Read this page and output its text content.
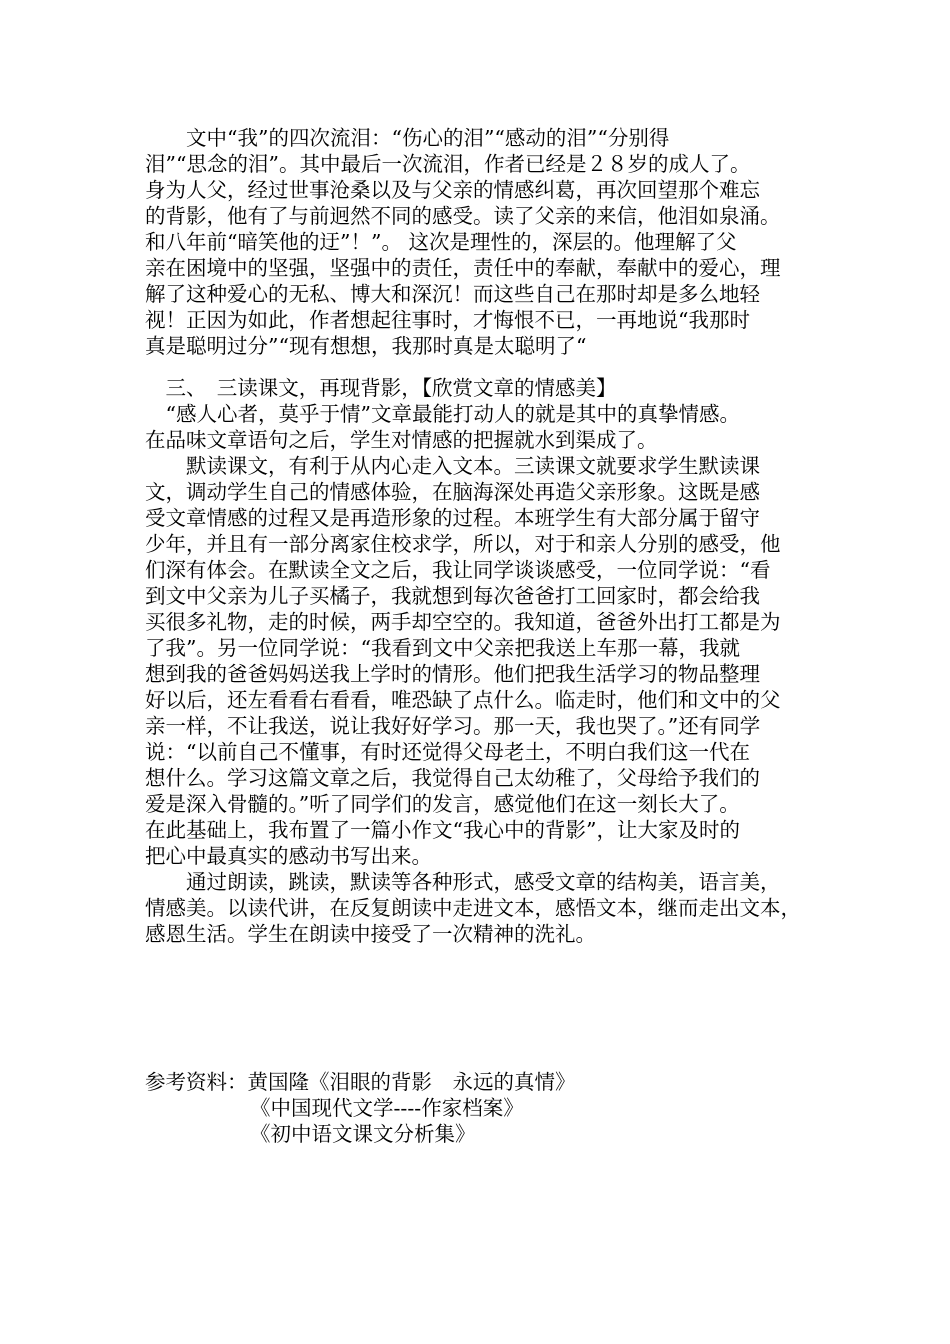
　　文中“我”的四次流泪：“伤心的泪”“感动的泪”“分别得

泪”“思念的泪”。其中最后一次流泪，作者已经是２８岁的成人了。

身为人父，经过世事沧桑以及与父亲的情感纠葛，再次回望那个难忘

的背影，他有了与前迥然不同的感受。读了父亲的来信，他泪如泉涌。

和八年前“暗笑他的迂”！”。 这次是理性的，深层的。他理解了父

亲在困境中的坚强，坚强中的责任，责任中的奉献，奉献中的爱心，理

解了这种爱心的无私、博大和深沉！而这些自己在那时却是多么地轻

视！正因为如此，作者想起往事时，才悔恨不已，一再地说“我那时

真是聪明过分”“现有想想，我那时真是太聪明了“

　三、　三读课文，再现背影，【欣赏文章的情感美】

　“感人心者，莫乎于情”文章最能打动人的就是其中的真挚情感。

在品味文章语句之后，学生对情感的把握就水到渠成了。

　　默读课文，有利于从内心走入文本。三读课文就要求学生默读课

文，调动学生自己的情感体验，在脑海深处再造父亲形象。这既是感

受文章情感的过程又是再造形象的过程。本班学生有大部分属于留守

少年，并且有一部分离家住校求学，所以，对于和亲人分别的感受，他

们深有体会。在默读全文之后，我让同学谈谈感受，一位同学说：“看

到文中父亲为儿子买橘子，我就想到每次爸爸打工回家时，都会给我

买很多礼物，走的时候，两手却空空的。我知道，爸爸外出打工都是为

了我”。另一位同学说：“我看到文中父亲把我送上车那一幕，我就

想到我的爸爸妈妈送我上学时的情形。他们把我生活学习的物品整理

好以后，还左看看右看看，唯恐缺了点什么。临走时，他们和文中的父

亲一样，不让我送，说让我好好学习。那一天，我也哭了。”还有同学

说：“以前自己不懂事，有时还觉得父母老土，不明白我们这一代在

想什么。学习这篇文章之后，我觉得自己太幼稚了，父母给予我们的

爱是深入骨髓的。”听了同学们的发言，感觉他们在这一刻长大了。

在此基础上，我布置了一篇小作文“我心中的背影”，让大家及时的

把心中最真实的感动书写出来。

　　通过朗读，跳读，默读等各种形式，感受文章的结构美，语言美，

情感美。以读代讲，在反复朗读中走进文本，感悟文本，继而走出文本，

感恩生活。学生在朗读中接受了一次精神的洗礼。

参考资料：黄国隆《泪眼的背影　永远的真情》

《中国现代文学----作家档案》

《初中语文课文分析集》
